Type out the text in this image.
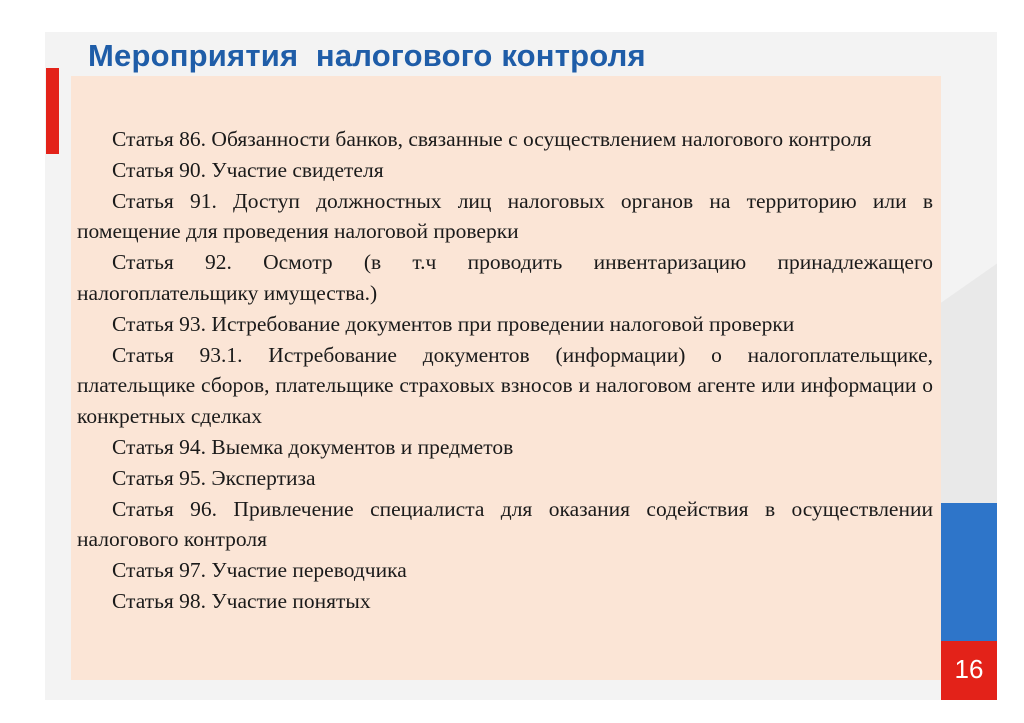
Мероприятия  налогового контроля

Статья 86. Обязанности банков, связанные с осуществлением налогового контроля

Статья 90. Участие свидетеля

Статья 91. Доступ должностных лиц налоговых органов на территорию или в помещение для проведения налоговой проверки

Статья 92. Осмотр (в т.ч проводить инвентаризацию принадлежащего налогоплательщику имущества.)

Статья 93. Истребование документов при проведении налоговой проверки

Статья 93.1. Истребование документов (информации) о налогоплательщике, плательщике сборов, плательщике страховых взносов и налоговом агенте или информации о конкретных сделках

Статья 94. Выемка документов и предметов

Статья 95. Экспертиза

Статья 96. Привлечение специалиста для оказания содействия в осуществлении налогового контроля

Статья 97. Участие переводчика

Статья 98. Участие понятых

16
